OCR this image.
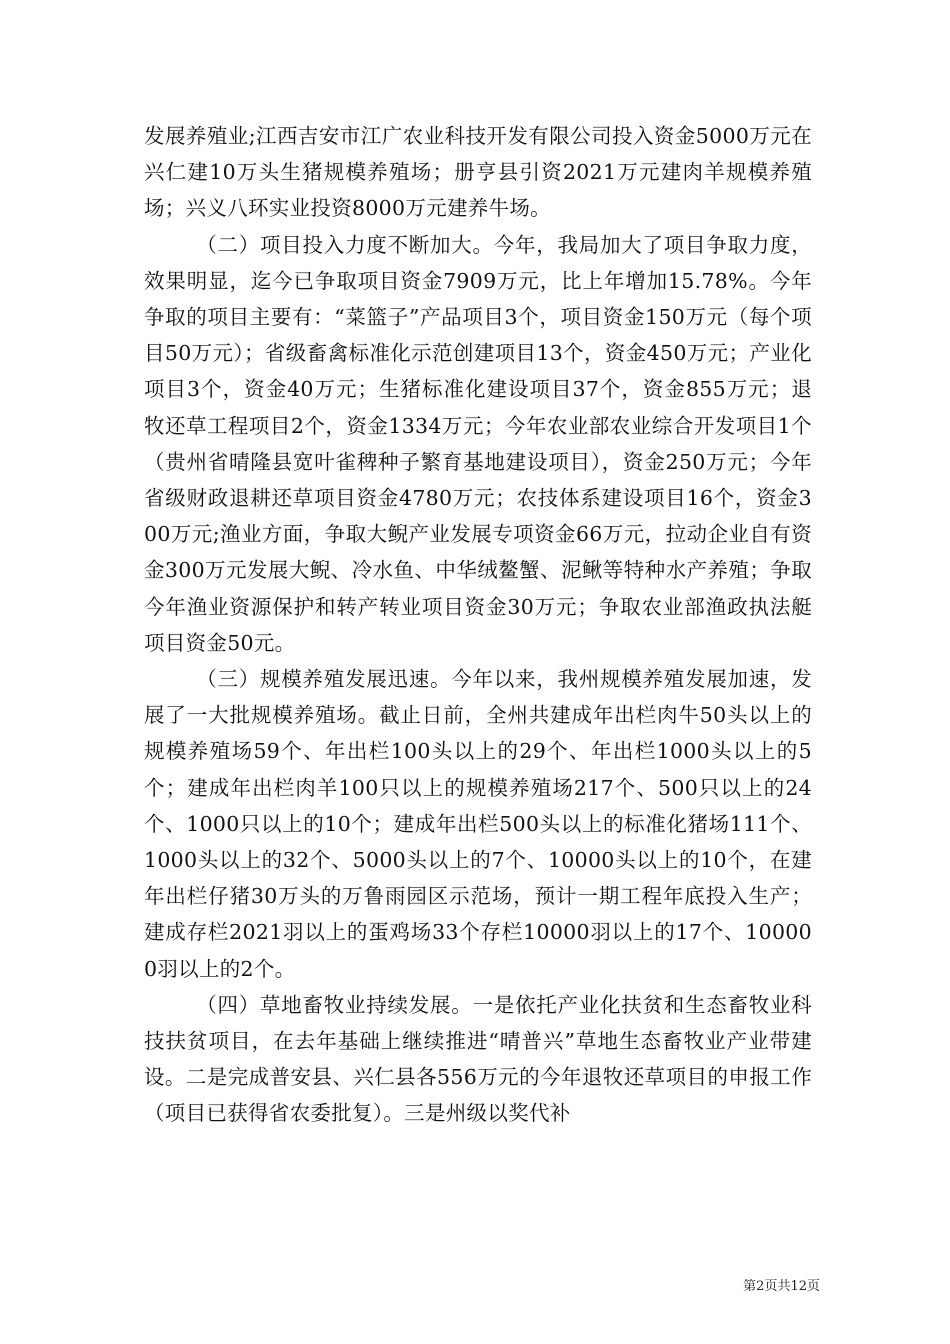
发展养殖业;江西吉安市江广农业科技开发有限公司投入资金5000万元在兴仁建10万头生猪规模养殖场；册亨县引资2021万元建肉羊规模养殖场；兴义八环实业投资8000万元建养牛场。

（二）项目投入力度不断加大。今年，我局加大了项目争取力度，效果明显，迄今已争取项目资金7909万元，比上年增加15.78%。今年争取的项目主要有：“菜篮子”产品项目3个，项目资金150万元（每个项目50万元）；省级畜禽标准化示范创建项目13个，资金450万元；产业化项目3个，资金40万元；生猪标准化建设项目37个，资金855万元；退牧还草工程项目2个，资金1334万元；今年农业部农业综合开发项目1个（贵州省晴隆县宽叶雀稗种子繁育基地建设项目），资金250万元；今年省级财政退耕还草项目资金4780万元；农技体系建设项目16个，资金300万元;渔业方面，争取大鲵产业发展专项资金66万元，拉动企业自有资金300万元发展大鲵、冷水鱼、中华绒鳌蟹、泥鳅等特种水产养殖；争取今年渔业资源保护和转产转业项目资金30万元；争取农业部渔政执法艇项目资金50元。

（三）规模养殖发展迅速。今年以来，我州规模养殖发展加速，发展了一大批规模养殖场。截止日前，全州共建成年出栏肉牛50头以上的规模养殖场59个、年出栏100头以上的29个、年出栏1000头以上的5个；建成年出栏肉羊100只以上的规模养殖场217个、500只以上的24个、1000只以上的10个；建成年出栏500头以上的标准化猪场111个、1000头以上的32个、5000头以上的7个、10000头以上的10个，在建年出栏仔猪30万头的万鲁雨园区示范场，预计一期工程年底投入生产；建成存栏2021羽以上的蛋鸡场33个存栏10000羽以上的17个、100000羽以上的2个。

（四）草地畜牧业持续发展。一是依托产业化扶贫和生态畜牧业科技扶贫项目，在去年基础上继续推进“晴普兴”草地生态畜牧业产业带建设。二是完成普安县、兴仁县各556万元的今年退牧还草项目的申报工作（项目已获得省农委批复）。三是州级以奖代补

第2页共12页
